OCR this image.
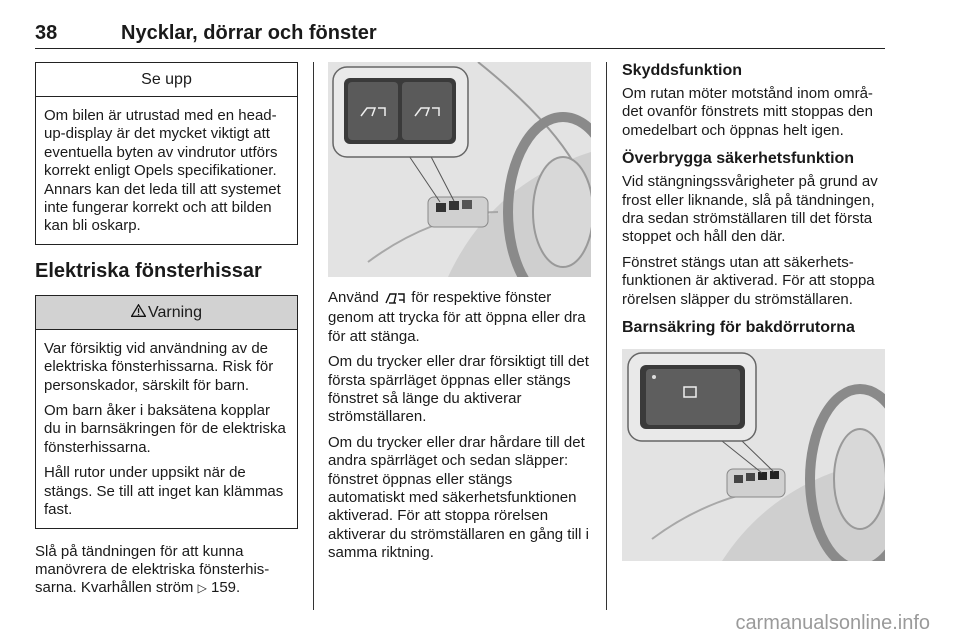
38	Nycklar, dörrar och fönster
Se upp

Om bilen är utrustad med en head-up-display är det mycket viktigt att eventuella byten av vindrutor utförs korrekt enligt Opels specifikationer. Annars kan det leda till att systemet inte fungerar korrekt och att bilden kan bli oskarp.

Elektriska fönsterhissar
Varning

Var försiktig vid användning av de elektriska fönsterhissarna. Risk för personskador, särskilt för barn.

Om barn åker i baksätena kopplar du in barnsäkringen för de elektriska fönsterhissarna.

Håll rutor under uppsikt när de stängs. Se till att inget kan klämmas fast.

Slå på tändningen för att kunna manövrera de elektriska fönsterhissarna. Kvarhållen ström ▷ 159.

Använd  för respektive fönster genom att trycka för att öppna eller dra för att stänga.

Om du trycker eller drar försiktigt till det första spärrläget öppnas eller stängs fönstret så länge du aktiverar strömställaren.

Om du trycker eller drar hårdare till det andra spärrläget och sedan släpper: fönstret öppnas eller stängs automatiskt med säkerhetsfunktionen aktiverad. För att stoppa rörelsen aktiverar du strömställaren en gång till i samma riktning.

Skyddsfunktion

Om rutan möter motstånd inom området ovanför fönstrets mitt stoppas den omedelbart och öppnas helt igen.

Överbrygga säkerhetsfunktion

Vid stängningssvårigheter på grund av frost eller liknande, slå på tändningen, dra sedan strömställaren till det första stoppet och håll den där.

Fönstret stängs utan att säkerhetsfunktionen är aktiverad. För att stoppa rörelsen släpper du strömställaren.

Barnsäkring för bakdörrutorna
carmanualsonline.info
